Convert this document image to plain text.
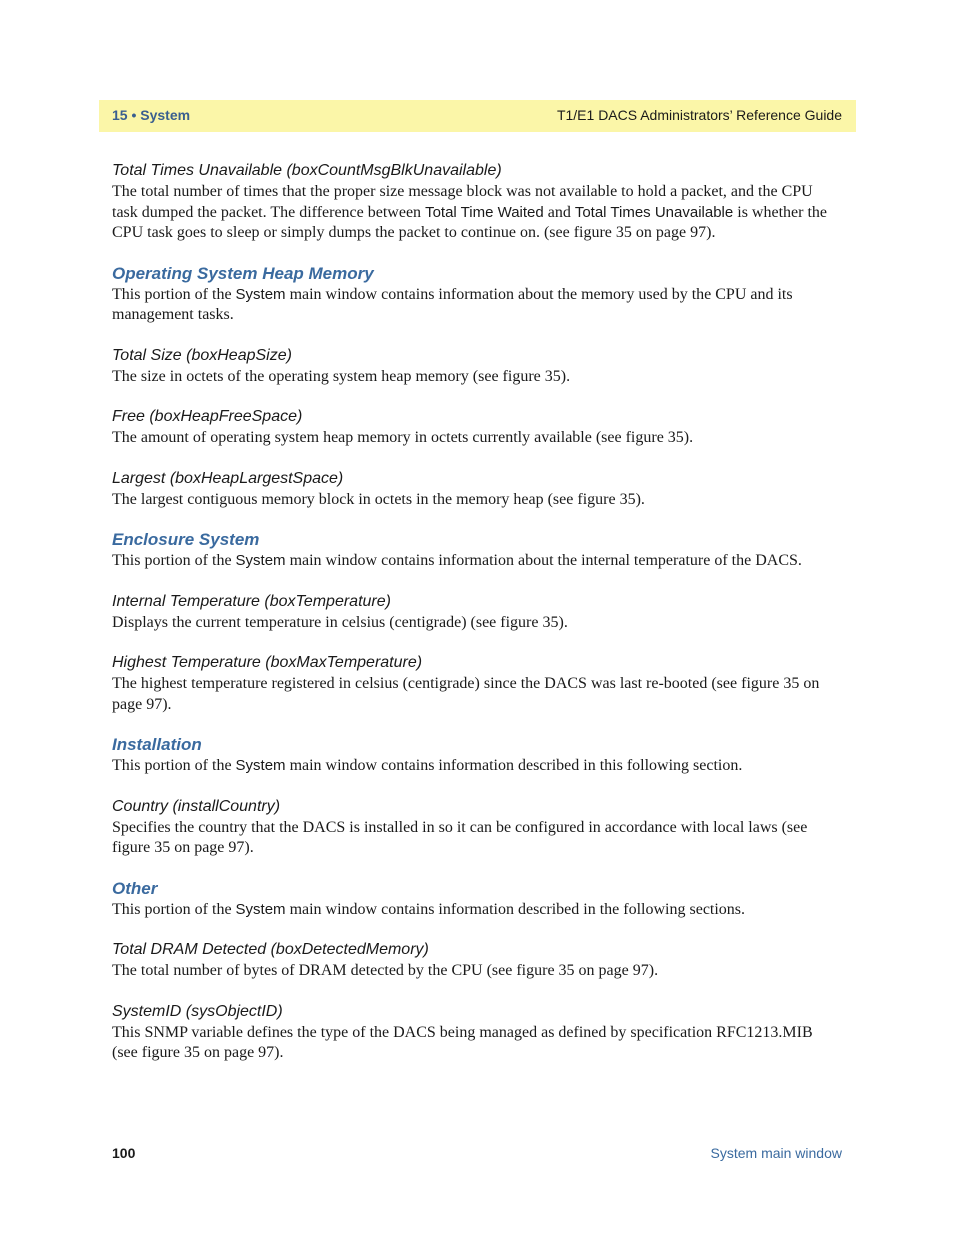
15 • System	T1/E1 DACS Administrators’ Reference Guide

Total Times Unavailable (boxCountMsgBlkUnavailable)

The total number of times that the proper size message block was not available to hold a packet, and the CPU task dumped the packet. The difference between Total Time Waited and Total Times Unavailable is whether the CPU task goes to sleep or simply dumps the packet to continue on. (see figure 35 on page 97).

Operating System Heap Memory

This portion of the System main window contains information about the memory used by the CPU and its management tasks.

Total Size (boxHeapSize)

The size in octets of the operating system heap memory (see figure 35).

Free (boxHeapFreeSpace)

The amount of operating system heap memory in octets currently available (see figure 35).

Largest (boxHeapLargestSpace)

The largest contiguous memory block in octets in the memory heap (see figure 35).

Enclosure System

This portion of the System main window contains information about the internal temperature of the DACS.

Internal Temperature (boxTemperature)

Displays the current temperature in celsius (centigrade) (see figure 35).

Highest Temperature (boxMaxTemperature)

The highest temperature registered in celsius (centigrade) since the DACS was last re-booted (see figure 35 on page 97).

Installation

This portion of the System main window contains information described in this following section.

Country (installCountry)

Specifies the country that the DACS is installed in so it can be configured in accordance with local laws (see figure 35 on page 97).

Other

This portion of the System main window contains information described in the following sections.

Total DRAM Detected (boxDetectedMemory)

The total number of bytes of DRAM detected by the CPU (see figure 35 on page 97).

SystemID (sysObjectID)

This SNMP variable defines the type of the DACS being managed as defined by specification RFC1213.MIB (see figure 35 on page 97).

100	System main window
